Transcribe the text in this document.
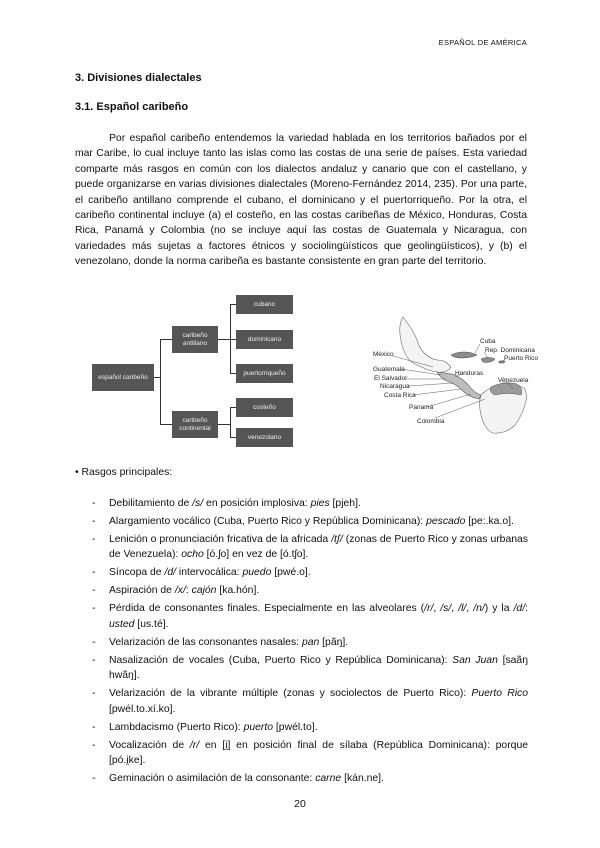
ESPAÑOL DE AMÉRICA
3. Divisiones dialectales
3.1. Español caribeño

Por español caribeño entendemos la variedad hablada en los territorios bañados por el mar Caribe, lo cual incluye tanto las islas como las costas de una serie de países. Esta variedad comparte más rasgos en común con los dialectos andaluz y canario que con el castellano, y puede organizarse en varias divisiones dialectales (Moreno-Fernández 2014, 235). Por una parte, el caribeño antillano comprende el cubano, el dominicano y el puertorriqueño. Por la otra, el caribeño continental incluye (a) el costeño, en las costas caribeñas de México, Honduras, Costa Rica, Panamá y Colombia (no se incluye aquí las costas de Guatemala y Nicaragua, con variedades más sujetas a factores étnicos y sociolingüísticos que geolingüísticos), y (b) el venezolano, donde la norma caribeña es bastante consistente en gran parte del territorio.

español caribeño
caribeño antillano
caribeño continental
cubano
dominicano
puertorriqueño
costeño
venezolano
Cuba
Rep. Dominicana
Puerto Rico
México
Guatemala
Honduras
El Salvador
Nicaragua
Costa Rica
Panamá
Venezuela
Colombia
• Rasgos principales:
- Debilitamiento de /s/ en posición implosiva: pies [pjeh].
- Alargamiento vocálico (Cuba, Puerto Rico y República Dominicana): pescado [pe:.ka.o].
- Lenición o pronunciación fricativa de la africada /tʃ/ (zonas de Puerto Rico y zonas urbanas de Venezuela): ocho [ó.ʃo] en vez de [ó.tʃo].
- Síncopa de /d/ intervocálica: puedo [pwé.o].
- Aspiración de /x/: cajón [ka.hón].
- Pérdida de consonantes finales. Especialmente en las alveolares (/r/, /s/, /l/, /n/) y la /d/: usted [us.té].
- Velarización de las consonantes nasales: pan [pãŋ].
- Nasalización de vocales (Cuba, Puerto Rico y República Dominicana): San Juan [saãŋ hwãŋ].
- Velarización de la vibrante múltiple (zonas y sociolectos de Puerto Rico): Puerto Rico [pwél.to.xí.ko].
- Lambdacismo (Puerto Rico): puerto [pwél.to].
- Vocalización de /r/ en [i̯] en posición final de sílaba (República Dominicana): porque [pó.i̯ke].
- Geminación o asimilación de la consonante: carne [kán.ne].
20
